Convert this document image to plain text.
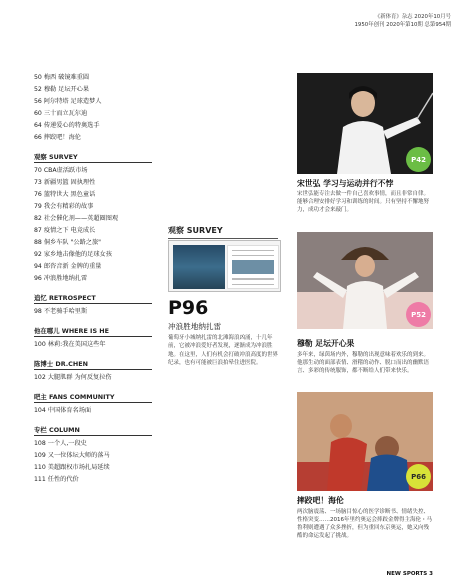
《新体育》杂志 2020年10月号
1950年创刊 2020年第10期 总第954期
50 梅西 破镜难重圆
52 穆勒 足坛开心果
56 阿尔特塔 足球造梦人
60 三十而立瓦尔迪
64 传递爱心的特奥选手
66 摔跤吧！海伦
观察 SURVEY
70 CBA虚活跃市场
73 新疆男篮 固执理性
76 篮特世大 黑色童话
79 我会有精彩的故事
82 社会催化剂——英超圈图观
87 疫情之下 电竞成长
88 侗乡车队 "公路之旅"
92 家乡地击像他的足球女孩
94 郎咨音新 金牌的重量
96 冲浪胜地纳扎雷
追忆 RETROSPECT
98 不老骑手哈里斯
他在哪儿 WHERE IS HE
100 林莉:我在美国这些年
陈博士 DR.CHEN
102 大腿肌群 为何反复拉伤
吧主 FANS COMMUNITY
104 中国体育名场面
专栏 COLUMN
108 一个人,一段史
109 又一位体坛大师的落马
110 美超跟权市场扎局延续
111 任性的代价
观察 SURVEY
P96
冲浪胜地纳扎雷
葡萄牙小城纳扎雷的北滩海浪凶涌，十几年前，它被冲浪爱好者发现，逐渐成为冲浪胜地。在这里，人们有机会打破冲浪高度的世界纪录，也有可能被巨浪拍晕住进医院。
P42
宋世弘 学习与运动并行不悖
宋世弘能专注去做一件自己喜欢事情，而且非常自律。能够合理安排好学习和训练的时间。只有坚持不懈地努力，成功才会来敲门。
P52
穆勒 足坛开心果
多年来，绿茵场内外，穆勒的出现意味着欢乐的到来。他那生动的面部表情、滑稽的动作、脱口而出的幽默语言、多彩的传统服饰，都不断给人们带来快乐。
P66
摔跤吧！海伦
两次脑震荡、一场脑目惊心的医学诊断书、情绪失控、性格突变……2016年里约奥运会摔跤金牌得主海伦・马鲁利则遭遇了众多挫折，但为重回东京奥运，她又向残酷的命运发起了挑战。
NEW SPORTS 3
